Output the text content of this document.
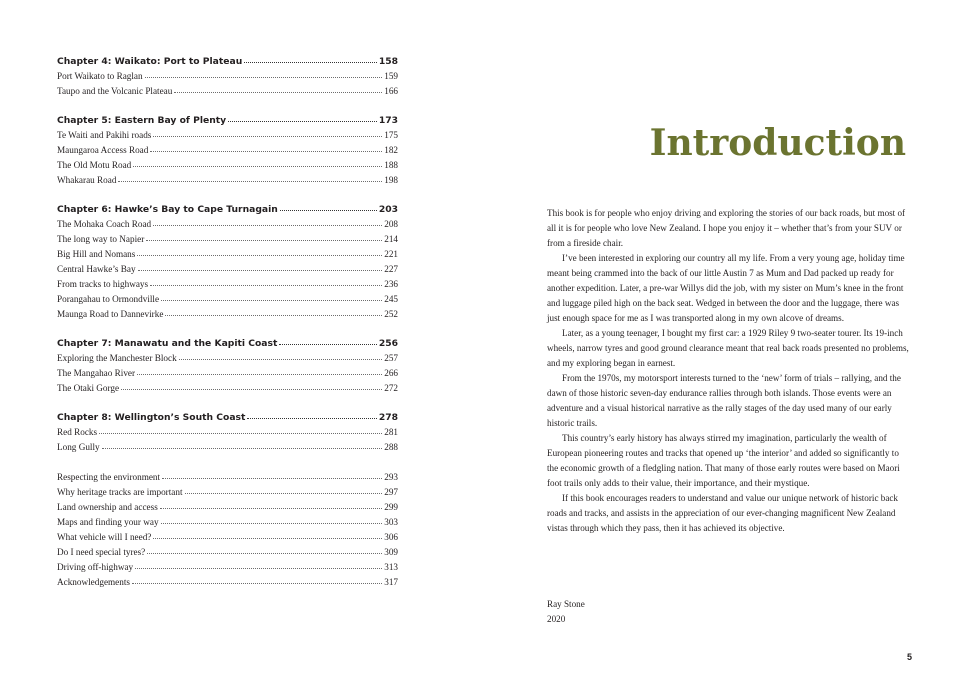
Chapter 4: Waikato: Port to Plateau	158
Port Waikato to Raglan	159
Taupo and the Volcanic Plateau	166
Chapter 5: Eastern Bay of Plenty	173
Te Waiti and Pakihi roads	175
Maungaroa Access Road	182
The Old Motu Road	188
Whakarau Road	198
Chapter 6: Hawke’s Bay to Cape Turnagain	203
The Mohaka Coach Road	208
The long way to Napier	214
Big Hill and Nomans	221
Central Hawke’s Bay	227
From tracks to highways	236
Porangahau to Ormondville	245
Maunga Road to Dannevirke	252
Chapter 7: Manawatu and the Kapiti Coast	256
Exploring the Manchester Block	257
The Mangahao River	266
The Otaki Gorge	272
Chapter 8: Wellington’s South Coast	278
Red Rocks	281
Long Gully	288
Respecting the environment	293
Why heritage tracks are important	297
Land ownership and access	299
Maps and finding your way	303
What vehicle will I need?	306
Do I need special tyres?	309
Driving off-highway	313
Acknowledgements	317
Introduction

This book is for people who enjoy driving and exploring the stories of our back roads, but most of all it is for people who love New Zealand. I hope you enjoy it – whether that’s from your SUV or from a fireside chair.

I’ve been interested in exploring our country all my life. From a very young age, holiday time meant being crammed into the back of our little Austin 7 as Mum and Dad packed up ready for another expedition. Later, a pre-war Willys did the job, with my sister on Mum’s knee in the front and luggage piled high on the back seat. Wedged in between the door and the luggage, there was just enough space for me as I was transported along in my own alcove of dreams.

Later, as a young teenager, I bought my first car: a 1929 Riley 9 two-seater tourer. Its 19-inch wheels, narrow tyres and good ground clearance meant that real back roads presented no problems, and my exploring began in earnest.

From the 1970s, my motorsport interests turned to the ‘new’ form of trials – rallying, and the dawn of those historic seven-day endurance rallies through both islands. Those events were an adventure and a visual historical narrative as the rally stages of the day used many of our early historic trails.

This country’s early history has always stirred my imagination, particularly the wealth of European pioneering routes and tracks that opened up ‘the interior’ and added so significantly to the economic growth of a fledgling nation. That many of those early routes were based on Maori foot trails only adds to their value, their importance, and their mystique.

If this book encourages readers to understand and value our unique network of historic back roads and tracks, and assists in the appreciation of our ever-changing magnificent New Zealand vistas through which they pass, then it has achieved its objective.

Ray Stone
2020
5
